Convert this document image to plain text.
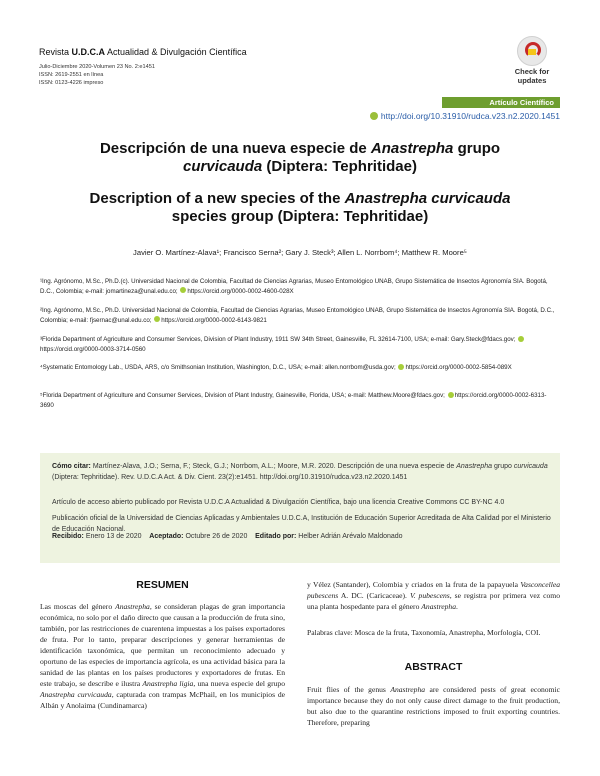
Revista U.D.C.A Actualidad & Divulgación Científica
Julio-Diciembre 2020-Volumen 23 No. 2:e1451
ISSN: 2619-2551 en línea
ISSN: 0123-4226 impreso
Check for
updates
Artículo Científico
http://doi.org/10.31910/rudca.v23.n2.2020.1451
Descripción de una nueva especie de Anastrepha grupo
curvicauda (Diptera: Tephritidae)
Description of a new species of the Anastrepha curvicauda
species group (Diptera: Tephritidae)
Javier O. Martínez-Alava¹; Francisco Serna²; Gary J. Steck³; Allen L. Norrbom⁴; Matthew R. Moore⁵
¹Ing. Agrónomo, M.Sc., Ph.D.(c). Universidad Nacional de Colombia, Facultad de Ciencias Agrarias, Museo Entomológico UNAB, Grupo Sistemática de Insectos Agronomía SIA. Bogotá, D.C., Colombia; e-mail: jomartineza@unal.edu.co; https://orcid.org/0000-0002-4600-028X
²Ing. Agrónomo, M.Sc., Ph.D. Universidad Nacional de Colombia, Facultad de Ciencias Agrarias, Museo Entomológico UNAB, Grupo Sistemática de Insectos Agronomía SIA. Bogotá, D.C., Colombia; e-mail: fjsernac@unal.edu.co; https://orcid.org/0000-0002-6143-9821
³Florida Department of Agriculture and Consumer Services, Division of Plant Industry, 1911 SW 34th Street, Gainesville, FL 32614-7100, USA; e-mail: Gary.Steck@fdacs.gov; https://orcid.org/0000-0003-3714-0560
⁴Systematic Entomology Lab., USDA, ARS, c/o Smithsonian Institution, Washington, D.C., USA; e-mail: allen.norrbom@usda.gov; https://orcid.org/0000-0002-5854-089X
⁵Florida Department of Agriculture and Consumer Services, Division of Plant Industry, Gainesville, Florida, USA; e-mail: Matthew.Moore@fdacs.gov; https://orcid.org/0000-0002-6313-3690
Cómo citar: Martínez-Alava, J.O.; Serna, F.; Steck, G.J.; Norrbom, A.L.; Moore, M.R. 2020. Descripción de una nueva especie de Anastrepha grupo curvicauda (Diptera: Tephritidae). Rev. U.D.C.A Act. & Div. Cient. 23(2):e1451. http://doi.org/10.31910/rudca.v23.n2.2020.1451
Artículo de acceso abierto publicado por Revista U.D.C.A Actualidad & Divulgación Científica, bajo una licencia Creative Commons CC BY-NC 4.0
Publicación oficial de la Universidad de Ciencias Aplicadas y Ambientales U.D.C.A, Institución de Educación Superior Acreditada de Alta Calidad por el Ministerio de Educación Nacional.
Recibido: Enero 13 de 2020 Aceptado: Octubre 26 de 2020 Editado por: Helber Adrián Arévalo Maldonado
RESUMEN
Las moscas del género Anastrepha, se consideran plagas de gran importancia económica, no solo por el daño directo que causan a la producción de fruta sino, también, por las restricciones de cuarentena impuestas a los países exportadores de fruta. Por lo tanto, preparar descripciones y generar herramientas de identificación taxonómica, que permitan un reconocimiento adecuado y oportuno de las especies de importancia agrícola, es una actividad básica para la sanidad de las plantas en los países productores y exportadores de frutas. En este trabajo, se describe e ilustra Anastrepha ligia, una nueva especie del grupo Anastrepha curvicauda, capturada con trampas McPhail, en los municipios de Albán y Anolaima (Cundinamarca)
y Vélez (Santander), Colombia y criados en la fruta de la papayuela Vasconcellea pubescens A. DC. (Caricaceae). V. pubescens, se registra por primera vez como una planta hospedante para el género Anastrepha.
Palabras clave: Mosca de la fruta, Taxonomía, Anastrepha, Morfología, COI.
ABSTRACT
Fruit flies of the genus Anastrepha are considered pests of great economic importance because they do not only cause direct damage to the fruit production, but also due to the quarantine restrictions imposed to fruit exporting countries. Therefore, preparing
